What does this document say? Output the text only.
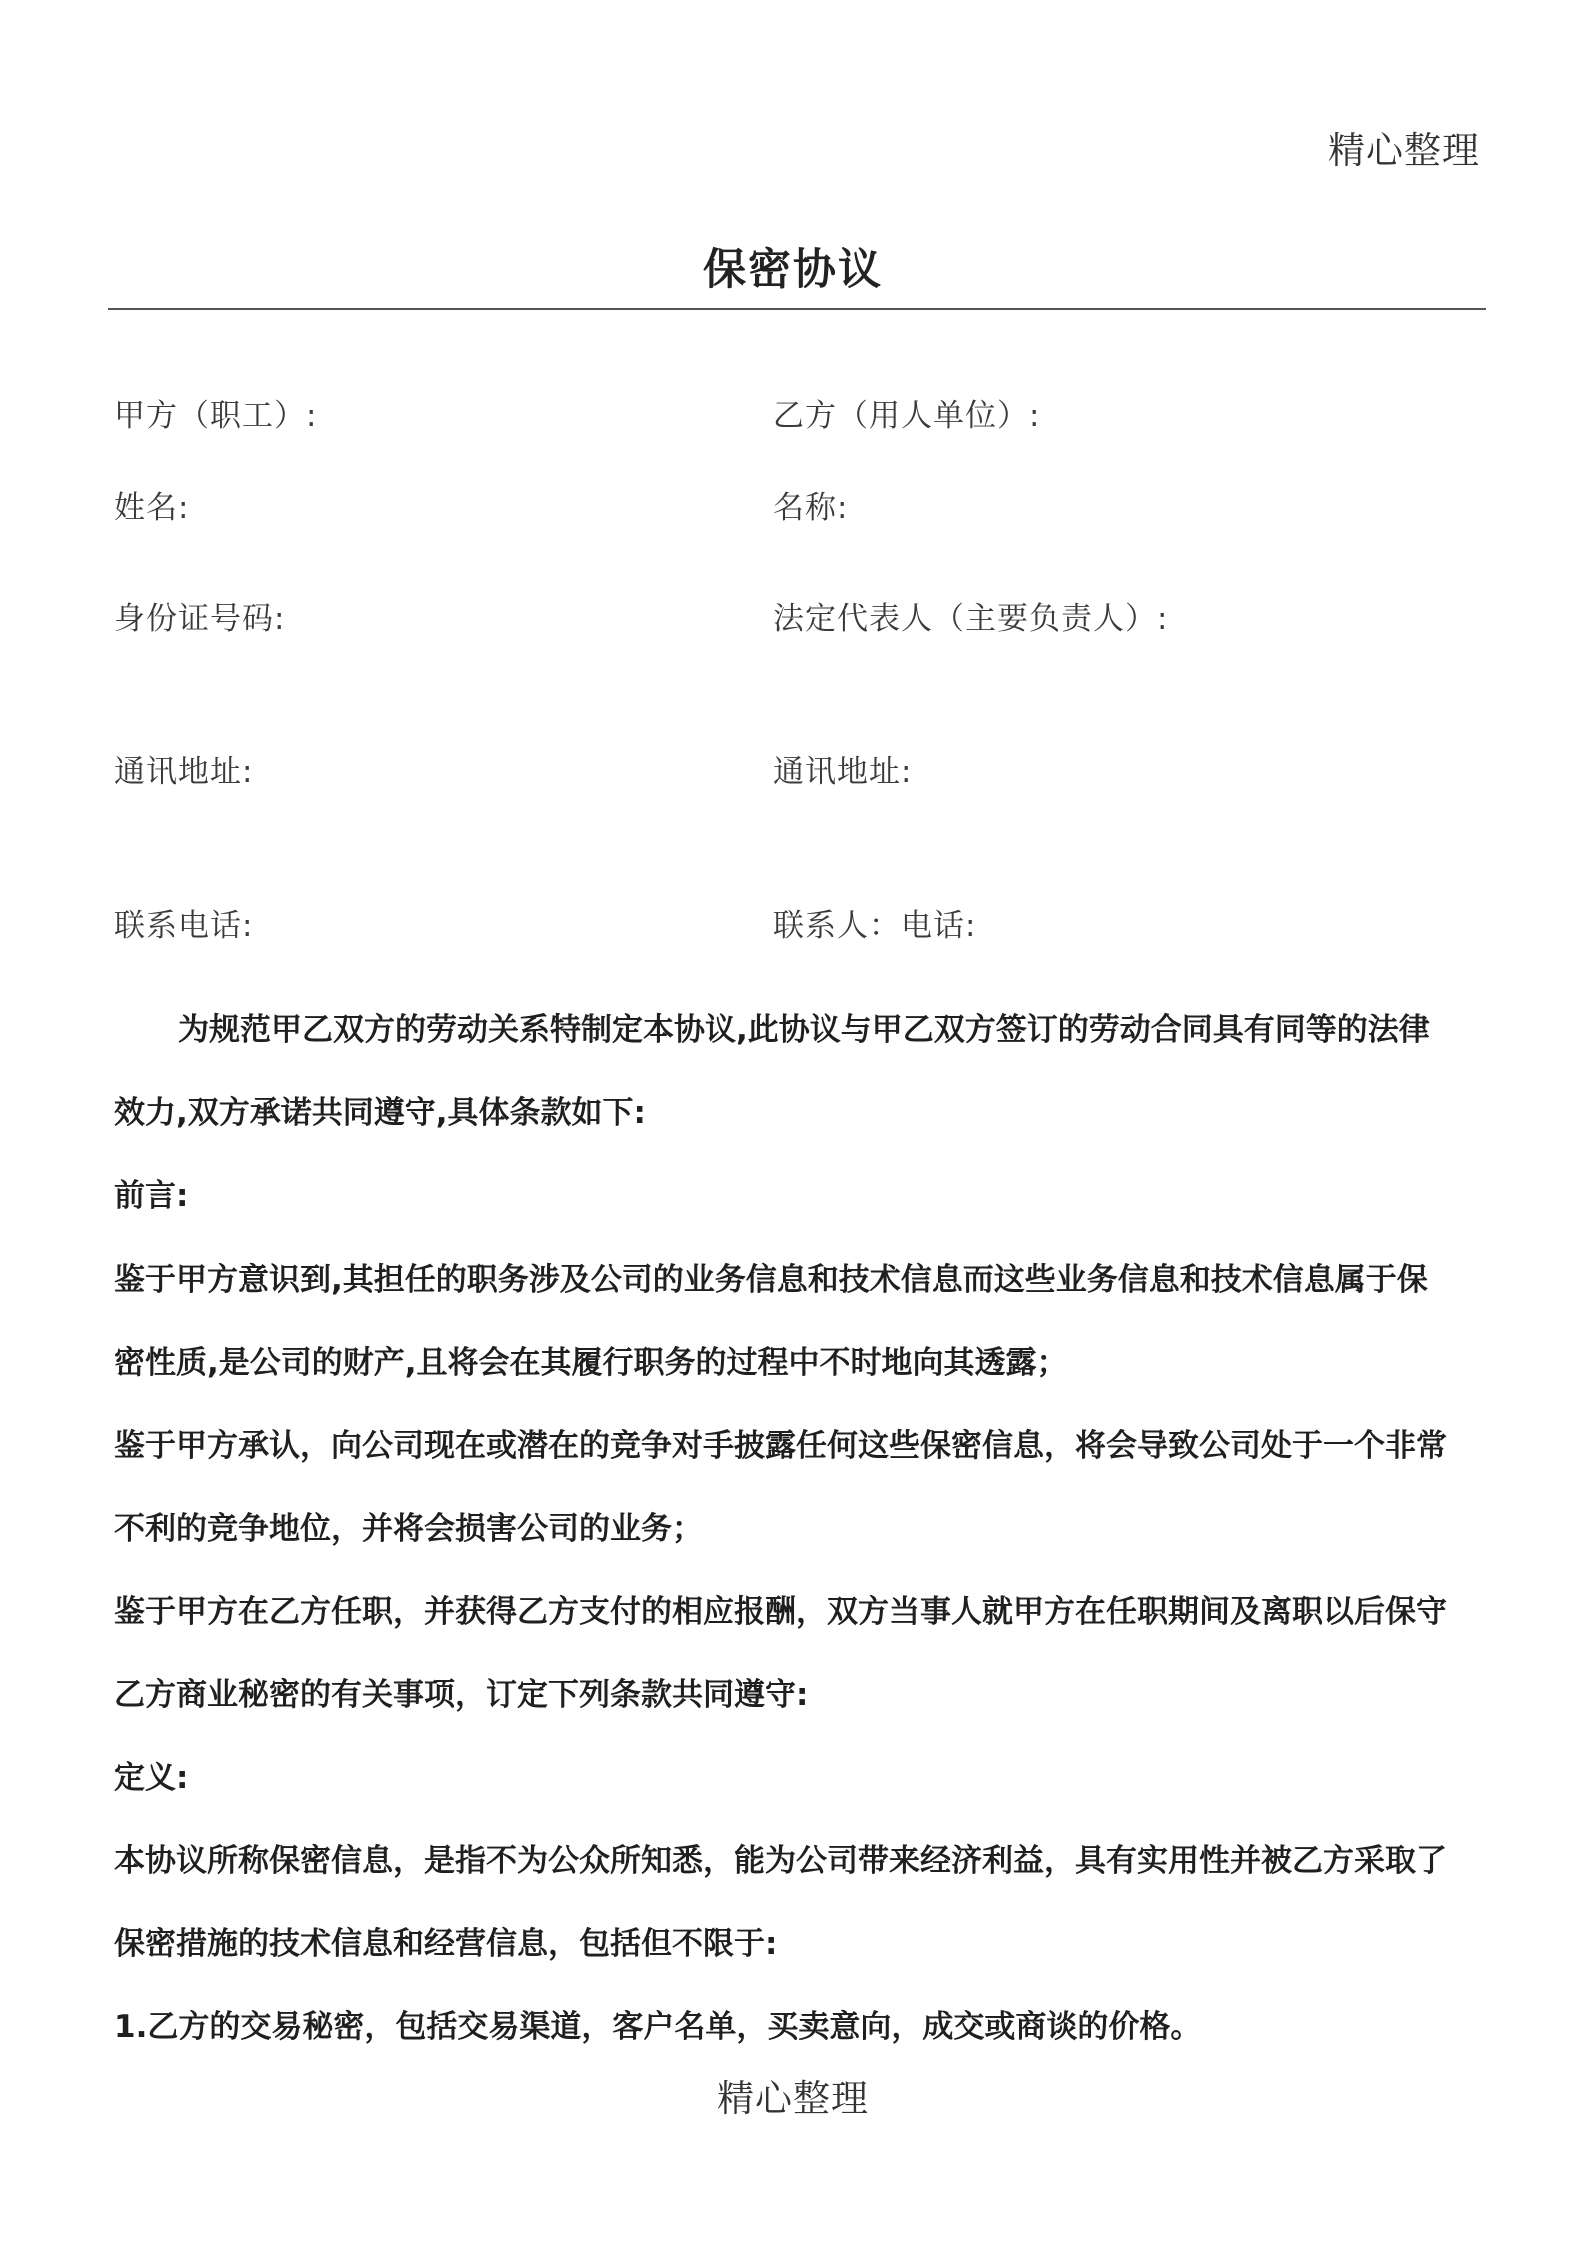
精心整理
保密协议
甲方（职工）:
姓名:
身份证号码:
通讯地址:
联系电话:
乙方（用人单位）:
名称:
法定代表人（主要负责人）:
通讯地址:
联系人：电话:
为规范甲乙双方的劳动关系特制定本协议,此协议与甲乙双方签订的劳动合同具有同等的法律
效力,双方承诺共同遵守,具体条款如下:
前言:
鉴于甲方意识到,其担任的职务涉及公司的业务信息和技术信息而这些业务信息和技术信息属于保
密性质,是公司的财产,且将会在其履行职务的过程中不时地向其透露；
鉴于甲方承认，向公司现在或潜在的竞争对手披露任何这些保密信息，将会导致公司处于一个非常
不利的竞争地位，并将会损害公司的业务；
鉴于甲方在乙方任职，并获得乙方支付的相应报酬，双方当事人就甲方在任职期间及离职以后保守
乙方商业秘密的有关事项，订定下列条款共同遵守:
定义:
本协议所称保密信息，是指不为公众所知悉，能为公司带来经济利益，具有实用性并被乙方采取了
保密措施的技术信息和经营信息，包括但不限于:
1.乙方的交易秘密，包括交易渠道，客户名单，买卖意向，成交或商谈的价格。
精心整理
